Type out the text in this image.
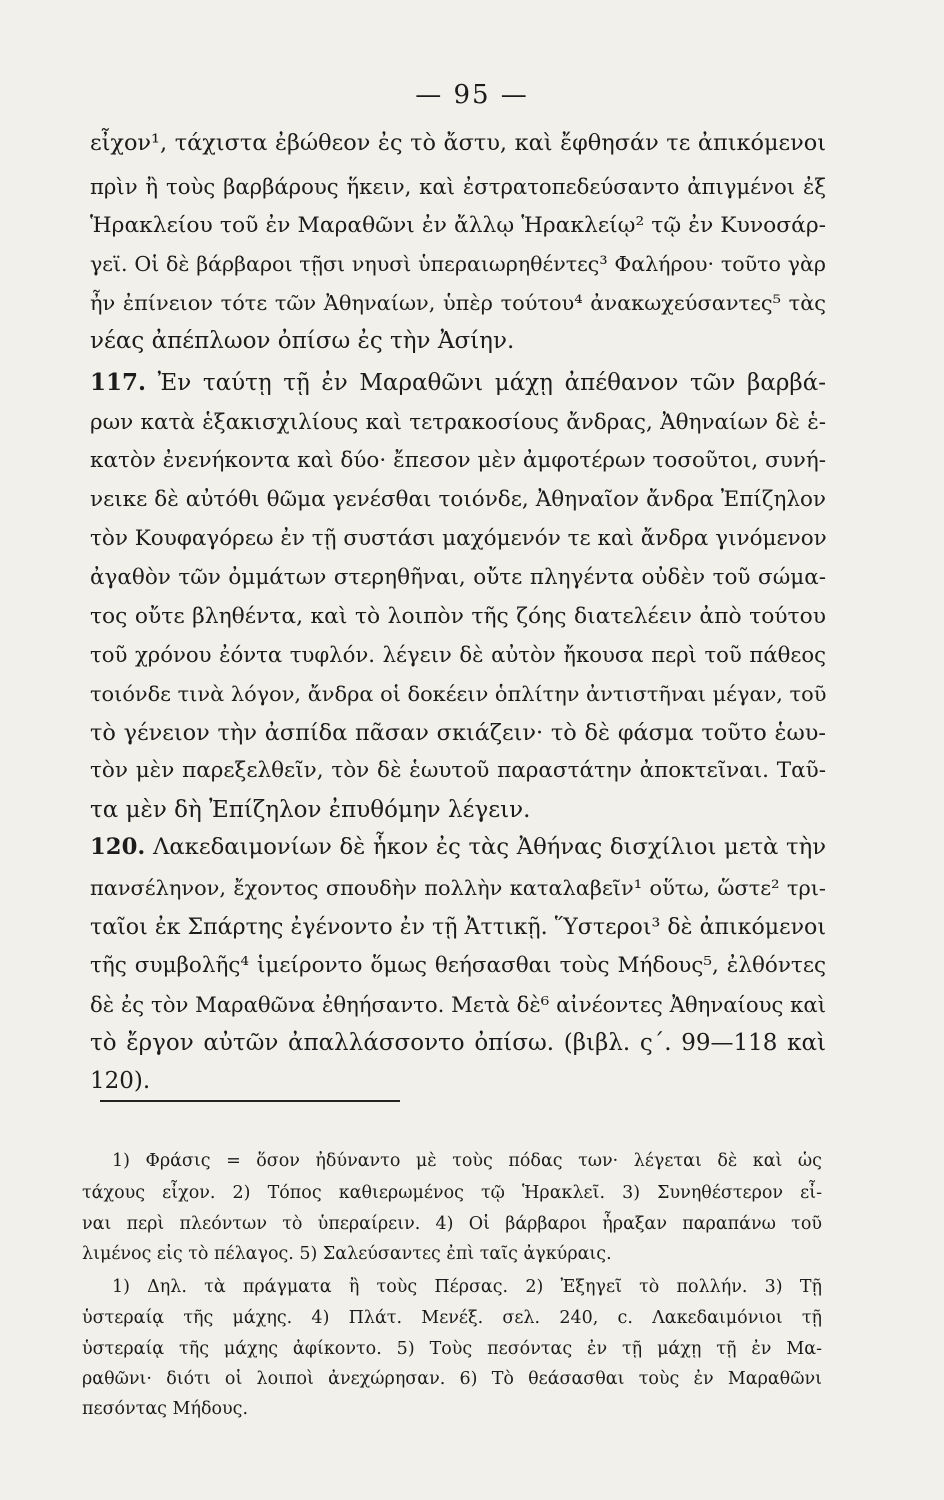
— 95 —
εἶχον¹, τάχιστα ἐβώθεον ἐς τὸ ἄστυ, καὶ ἔφθησάν τε ἀπικόμενοι
πρὶν ἢ τοὺς βαρβάρους ἥκειν, καὶ ἐστρατοπεδεύσαντο ἀπιγμένοι ἐξ
Ἡρακλείου τοῦ ἐν Μαραθῶνι ἐν ἄλλῳ Ἡρακλείῳ² τῷ ἐν Κυνοσάρ-
γεϊ. Οἱ δὲ βάρβαροι τῇσι νηυσὶ ὑπεραιωρηθέντες³ Φαλήρου· τοῦτο γὰρ
ἦν ἐπίνειον τότε τῶν Ἀθηναίων, ὑπὲρ τούτου⁴ ἀνακωχεύσαντες⁵ τὰς
νέας ἀπέπλωον ὀπίσω ἐς τὴν Ἀσίην.
117. Ἐν ταύτῃ τῇ ἐν Μαραθῶνι μάχῃ ἀπέθανον τῶν βαρβά-
ρων κατὰ ἑξακισχιλίους καὶ τετρακοσίους ἄνδρας, Ἀθηναίων δὲ ἑ-
κατὸν ἐνενήκοντα καὶ δύο· ἔπεσον μὲν ἀμφοτέρων τοσοῦτοι, συνή-
νεικε δὲ αὐτόθι θῶμα γενέσθαι τοιόνδε, Ἀθηναῖον ἄνδρα Ἐπίζηλον
τὸν Κουφαγόρεω ἐν τῇ συστάσι μαχόμενόν τε καὶ ἄνδρα γινόμενον
ἀγαθὸν τῶν ὀμμάτων στερηθῆναι, οὔτε πληγέντα οὐδὲν τοῦ σώμα-
τος οὔτε βληθέντα, καὶ τὸ λοιπὸν τῆς ζόης διατελέειν ἀπὸ τούτου
τοῦ χρόνου ἐόντα τυφλόν. λέγειν δὲ αὐτὸν ἤκουσα περὶ τοῦ πάθεος
τοιόνδε τινὰ λόγον, ἄνδρα οἱ δοκέειν ὁπλίτην ἀντιστῆναι μέγαν, τοῦ
τὸ γένειον τὴν ἀσπίδα πᾶσαν σκιάζειν· τὸ δὲ φάσμα τοῦτο ἑωυ-
τὸν μὲν παρεξελθεῖν, τὸν δὲ ἑωυτοῦ παραστάτην ἀποκτεῖναι. Ταῦ-
τα μὲν δὴ Ἐπίζηλον ἐπυθόμην λέγειν.
120. Λακεδαιμονίων δὲ ἧκον ἐς τὰς Ἀθήνας δισχίλιοι μετὰ τὴν
πανσέληνον, ἔχοντος σπουδὴν πολλὴν καταλαβεῖν¹ οὕτω, ὥστε² τρι-
ταῖοι ἐκ Σπάρτης ἐγένοντο ἐν τῇ Ἀττικῇ. Ὕστεροι³ δὲ ἀπικόμενοι
τῆς συμβολῆς⁴ ἱμείροντο ὅμως θεήσασθαι τοὺς Μήδους⁵, ἐλθόντες
δὲ ἐς τὸν Μαραθῶνα ἐθηήσαντο. Μετὰ δὲ⁶ αἰνέοντες Ἀθηναίους καὶ
τὸ ἔργον αὐτῶν ἀπαλλάσσοντο ὀπίσω. (βιβλ. ς΄. 99—118 καὶ
120).
1) Φράσις = ὅσον ἠδύναντο μὲ τοὺς πόδας των· λέγεται δὲ καὶ ὡς
τάχους εἶχον. 2) Τόπος καθιερωμένος τῷ Ἡρακλεῖ. 3) Συνηθέστερον εἶ-
ναι περὶ πλεόντων τὸ ὑπεραίρειν. 4) Οἱ βάρβαροι ἦραξαν παραπάνω τοῦ
λιμένος εἰς τὸ πέλαγος. 5) Σαλεύσαντες ἐπὶ ταῖς ἀγκύραις.
1) Δηλ. τὰ πράγματα ἢ τοὺς Πέρσας. 2) Ἐξηγεῖ τὸ πολλήν. 3) Τῇ
ὑστεραίᾳ τῆς μάχης. 4) Πλάτ. Μενέξ. σελ. 240, c. Λακεδαιμόνιοι τῇ
ὑστεραίᾳ τῆς μάχης ἀφίκοντο. 5) Τοὺς πεσόντας ἐν τῇ μάχῃ τῇ ἐν Μα-
ραθῶνι· διότι οἱ λοιποὶ ἀνεχώρησαν. 6) Τὸ θεάσασθαι τοὺς ἐν Μαραθῶνι
πεσόντας Μήδους.
